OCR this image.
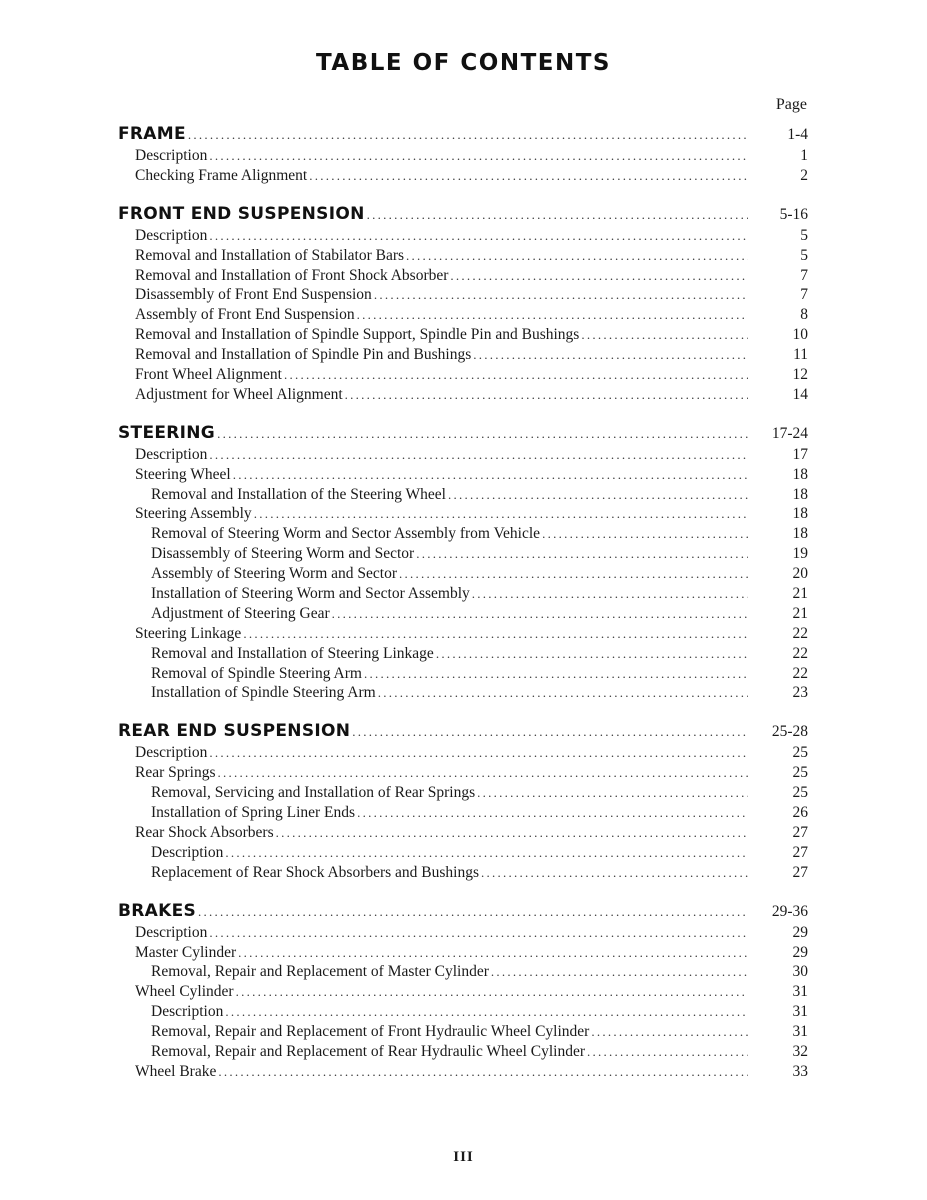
TABLE OF CONTENTS
Page
FRAME . . .	1-4
Description . . .	1
Checking Frame Alignment . . .	2
FRONT END SUSPENSION . . .	5-16
Description . . .	5
Removal and Installation of Stabilator Bars . . .	5
Removal and Installation of Front Shock Absorber . . .	7
Disassembly of Front End Suspension . . .	7
Assembly of Front End Suspension . . .	8
Removal and Installation of Spindle Support, Spindle Pin and Bushings . . .	10
Removal and Installation of Spindle Pin and Bushings . . .	11
Front Wheel Alignment . . .	12
Adjustment for Wheel Alignment . . .	14
STEERING . . .	17-24
Description . . .	17
Steering Wheel . . .	18
Removal and Installation of the Steering Wheel . . .	18
Steering Assembly . . .	18
Removal of Steering Worm and Sector Assembly from Vehicle . . .	18
Disassembly of Steering Worm and Sector . . .	19
Assembly of Steering Worm and Sector . . .	20
Installation of Steering Worm and Sector Assembly . . .	21
Adjustment of Steering Gear . . .	21
Steering Linkage . . .	22
Removal and Installation of Steering Linkage . . .	22
Removal of Spindle Steering Arm . . .	22
Installation of Spindle Steering Arm . . .	23
REAR END SUSPENSION . . .	25-28
Description . . .	25
Rear Springs . . .	25
Removal, Servicing and Installation of Rear Springs . . .	25
Installation of Spring Liner Ends . . .	26
Rear Shock Absorbers . . .	27
Description . . .	27
Replacement of Rear Shock Absorbers and Bushings . . .	27
BRAKES . . .	29-36
Description . . .	29
Master Cylinder . . .	29
Removal, Repair and Replacement of Master Cylinder . . .	30
Wheel Cylinder . . .	31
Description . . .	31
Removal, Repair and Replacement of Front Hydraulic Wheel Cylinder . . .	31
Removal, Repair and Replacement of Rear Hydraulic Wheel Cylinder . . .	32
Wheel Brake . . .	33
III
